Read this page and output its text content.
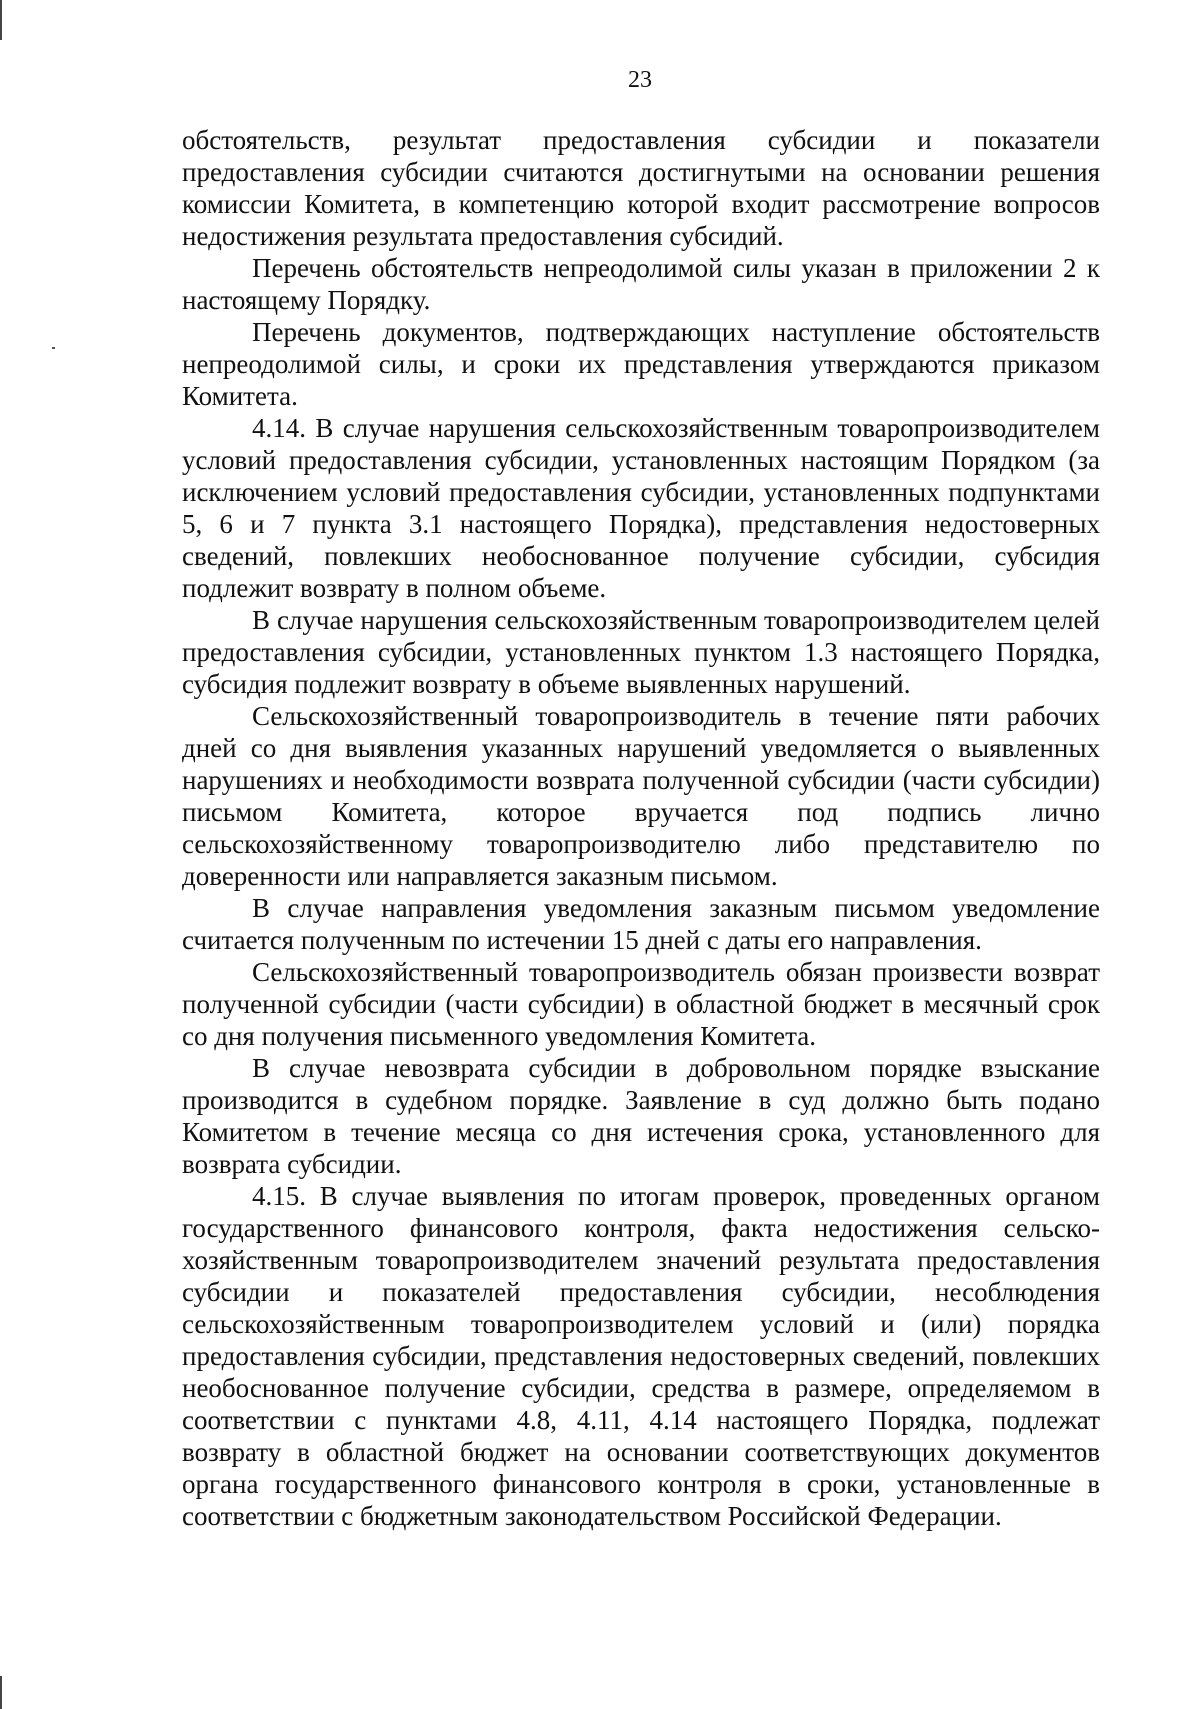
23

обстоятельств, результат предоставления субсидии и показатели предоставления субсидии считаются достигнутыми на основании решения комиссии Комитета, в компетенцию которой входит рассмотрение вопросов недостижения результата предоставления субсидий.

Перечень обстоятельств непреодолимой силы указан в приложении 2 к настоящему Порядку.

Перечень документов, подтверждающих наступление обстоятельств непреодолимой силы, и сроки их представления утверждаются приказом Комитета.

4.14. В случае нарушения сельскохозяйственным товаропроизводителем условий предоставления субсидии, установленных настоящим Порядком (за исключением условий предоставления субсидии, установленных подпунктами 5, 6 и 7 пункта 3.1 настоящего Порядка), представления недостоверных сведений, повлекших необоснованное получение субсидии, субсидия подлежит возврату в полном объеме.

В случае нарушения сельскохозяйственным товаропроизводителем целей предоставления субсидии, установленных пунктом 1.3 настоящего Порядка, субсидия подлежит возврату в объеме выявленных нарушений.

Сельскохозяйственный товаропроизводитель в течение пяти рабочих дней со дня выявления указанных нарушений уведомляется о выявленных нарушениях и необходимости возврата полученной субсидии (части субсидии) письмом Комитета, которое вручается под подпись лично сельскохозяйственному товаропроизводителю либо представителю по доверенности или направляется заказным письмом.

В случае направления уведомления заказным письмом уведомление считается полученным по истечении 15 дней с даты его направления.

Сельскохозяйственный товаропроизводитель обязан произвести возврат полученной субсидии (части субсидии) в областной бюджет в месячный срок со дня получения письменного уведомления Комитета.

В случае невозврата субсидии в добровольном порядке взыскание производится в судебном порядке. Заявление в суд должно быть подано Комитетом в течение месяца со дня истечения срока, установленного для возврата субсидии.

4.15. В случае выявления по итогам проверок, проведенных органом государственного финансового контроля, факта недостижения сельскохозяйственным товаропроизводителем значений результата предоставления субсидии и показателей предоставления субсидии, несоблюдения сельскохозяйственным товаропроизводителем условий и (или) порядка предоставления субсидии, представления недостоверных сведений, повлекших необоснованное получение субсидии, средства в размере, определяемом в соответствии с пунктами 4.8, 4.11, 4.14 настоящего Порядка, подлежат возврату в областной бюджет на основании соответствующих документов органа государственного финансового контроля в сроки, установленные в соответствии с бюджетным законодательством Российской Федерации.
